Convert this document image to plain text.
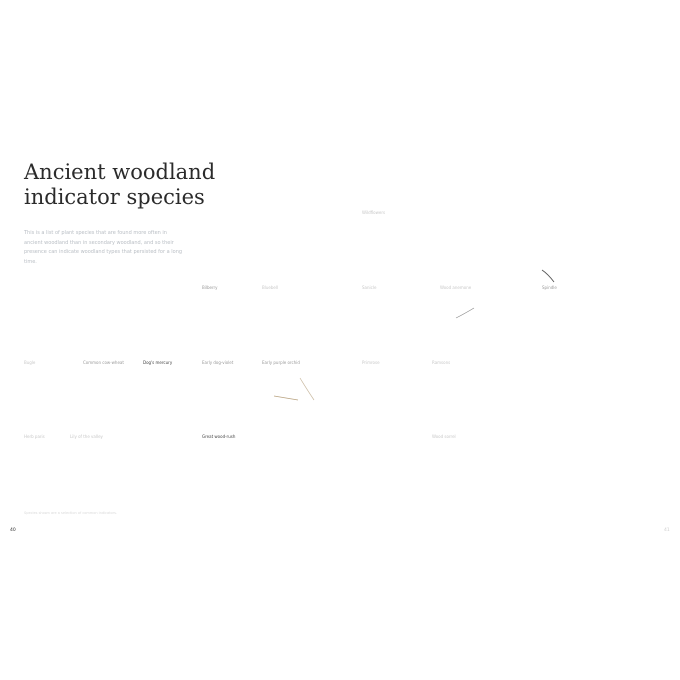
Ancient woodland
indicator species

This is a list of plant species that are found more often in ancient woodland than in secondary woodland, and so their presence can indicate woodland types that persisted for a long time.

Wildflowers
Bilberry	Bluebell	Sanicle	Wood anemone	Spindle
Bugle	Common cow-wheat	Dog's mercury	Early dog-violet	Early purple orchid	Primrose	Ramsons
Herb paris	Lily of the valley	Great wood-rush	Wood sorrel
Species shown are a selection of common indicators.
40	41
